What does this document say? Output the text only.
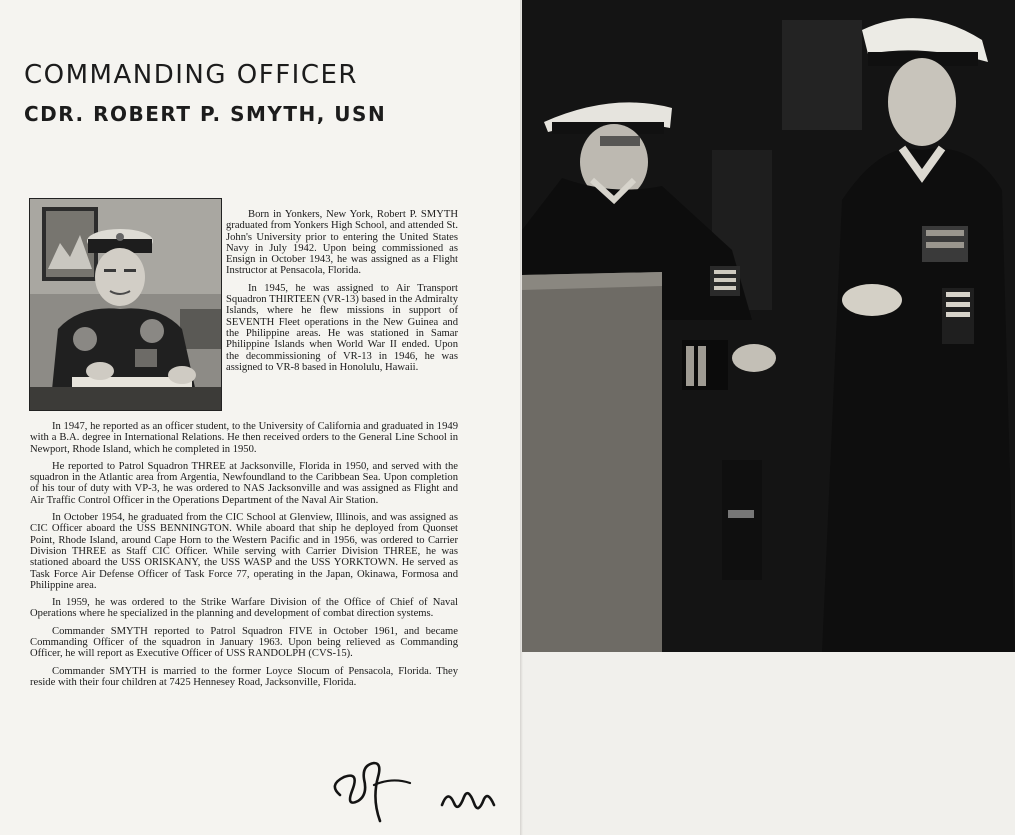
COMMANDING OFFICER
CDR. ROBERT P. SMYTH, USN

Born in Yonkers, New York, Robert P. SMYTH graduated from Yonkers High School, and attended St. John's University prior to entering the United States Navy in July 1942. Upon being commissioned as Ensign in October 1943, he was assigned as a Flight Instructor at Pensacola, Florida.

In 1945, he was assigned to Air Transport Squadron THIRTEEN (VR-13) based in the Admiralty Islands, where he flew missions in support of SEVENTH Fleet operations in the New Guinea and the Philippine areas. He was stationed in Samar Philippine Islands when World War II ended. Upon the decommissioning of VR-13 in 1946, he was assigned to VR-8 based in Honolulu, Hawaii.

In 1947, he reported as an officer student, to the University of California and graduated in 1949 with a B.A. degree in International Relations. He then received orders to the General Line School in Newport, Rhode Island, which he completed in 1950.

He reported to Patrol Squadron THREE at Jacksonville, Florida in 1950, and served with the squadron in the Atlantic area from Argentia, Newfoundland to the Caribbean Sea. Upon completion of his tour of duty with VP-3, he was ordered to NAS Jacksonville and was assigned as Flight and Air Traffic Control Officer in the Operations Department of the Naval Air Station.

In October 1954, he graduated from the CIC School at Glenview, Illinois, and was assigned as CIC Officer aboard the USS BENNINGTON. While aboard that ship he deployed from Quonset Point, Rhode Island, around Cape Horn to the Western Pacific and in 1956, was ordered to Carrier Division THREE as Staff CIC Officer. While serving with Carrier Division THREE, he was stationed aboard the USS ORISKANY, the USS WASP and the USS YORKTOWN. He served as Task Force Air Defense Officer of Task Force 77, operating in the Japan, Okinawa, Formosa and Philippine area.

In 1959, he was ordered to the Strike Warfare Division of the Office of Chief of Naval Operations where he specialized in the planning and development of combat direction systems.

Commander SMYTH reported to Patrol Squadron FIVE in October 1961, and became Commanding Officer of the squadron in January 1963. Upon being relieved as Commanding Officer, he will report as Executive Officer of USS RANDOLPH (CVS-15).

Commander SMYTH is married to the former Loyce Slocum of Pensacola, Florida. They reside with their four children at 7425 Hennesey Road, Jacksonville, Florida.
